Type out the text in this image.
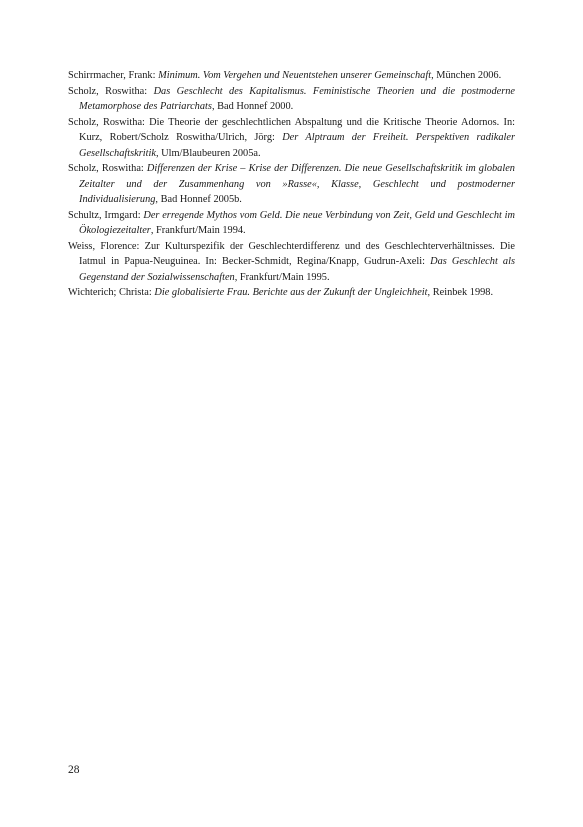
Schirrmacher, Frank: Minimum. Vom Vergehen und Neuentstehen unserer Gemeinschaft, München 2006.

Scholz, Roswitha: Das Geschlecht des Kapitalismus. Feministische Theorien und die postmoderne Metamorphose des Patriarchats, Bad Honnef 2000.

Scholz, Roswitha: Die Theorie der geschlechtlichen Abspaltung und die Kritische Theorie Adornos. In: Kurz, Robert/Scholz Roswitha/Ulrich, Jörg: Der Alptraum der Freiheit. Perspektiven radikaler Gesellschaftskritik, Ulm/Blaubeuren 2005a.

Scholz, Roswitha: Differenzen der Krise – Krise der Differenzen. Die neue Gesellschaftskritik im globalen Zeitalter und der Zusammenhang von »Rasse«, Klasse, Geschlecht und postmoderner Individualisierung, Bad Honnef 2005b.

Schultz, Irmgard: Der erregende Mythos vom Geld. Die neue Verbindung von Zeit, Geld und Geschlecht im Ökologiezeitalter, Frankfurt/Main 1994.

Weiss, Florence: Zur Kulturspezifik der Geschlechterdifferenz und des Geschlechterverhältnisses. Die Iatmul in Papua-Neuguinea. In: Becker-Schmidt, Regina/Knapp, Gudrun-Axeli: Das Geschlecht als Gegenstand der Sozialwissenschaften, Frankfurt/Main 1995.

Wichterich; Christa: Die globalisierte Frau. Berichte aus der Zukunft der Ungleichheit, Reinbek 1998.

28
